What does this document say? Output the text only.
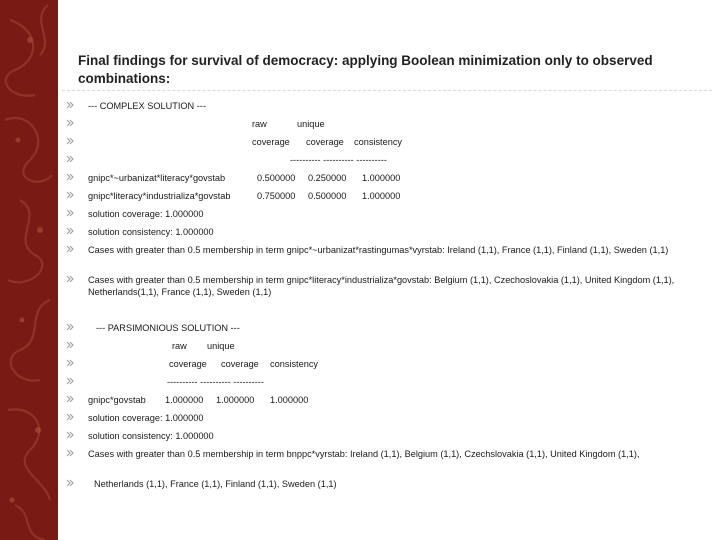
Final findings for survival of democracy: applying Boolean minimization only to observed combinations:
--- COMPLEX SOLUTION ---
raw	unique
coverage coverage consistency
---------- ---------- ----------
gnipc*~urbanizat*literacy*govstab	0.500000 0.250000 1.000000
gnipc*literacy*industrializa*govstab	0.750000 0.500000 1.000000
solution coverage: 1.000000
solution consistency: 1.000000
Cases with greater than 0.5 membership in term gnipc*~urbanizat*rastingumas*vyrstab: Ireland (1,1), France (1,1), Finland (1,1), Sweden (1,1)
Cases with greater than 0.5 membership in term gnipc*literacy*industrializa*govstab: Belgium (1,1), Czechoslovakia (1,1), United Kingdom (1,1), Netherlands(1,1), France (1,1), Sweden (1,1)
--- PARSIMONIOUS SOLUTION ---
raw unique
coverage coverage consistency
---------- ---------- ----------
gnipc*govstab 1.000000 1.000000 1.000000
solution coverage: 1.000000
solution consistency: 1.000000
Cases with greater than 0.5 membership in term bnppc*vyrstab: Ireland (1,1), Belgium (1,1), Czechslovakia (1,1), United Kingdom (1,1),
Netherlands (1,1), France (1,1), Finland (1,1), Sweden (1,1)
